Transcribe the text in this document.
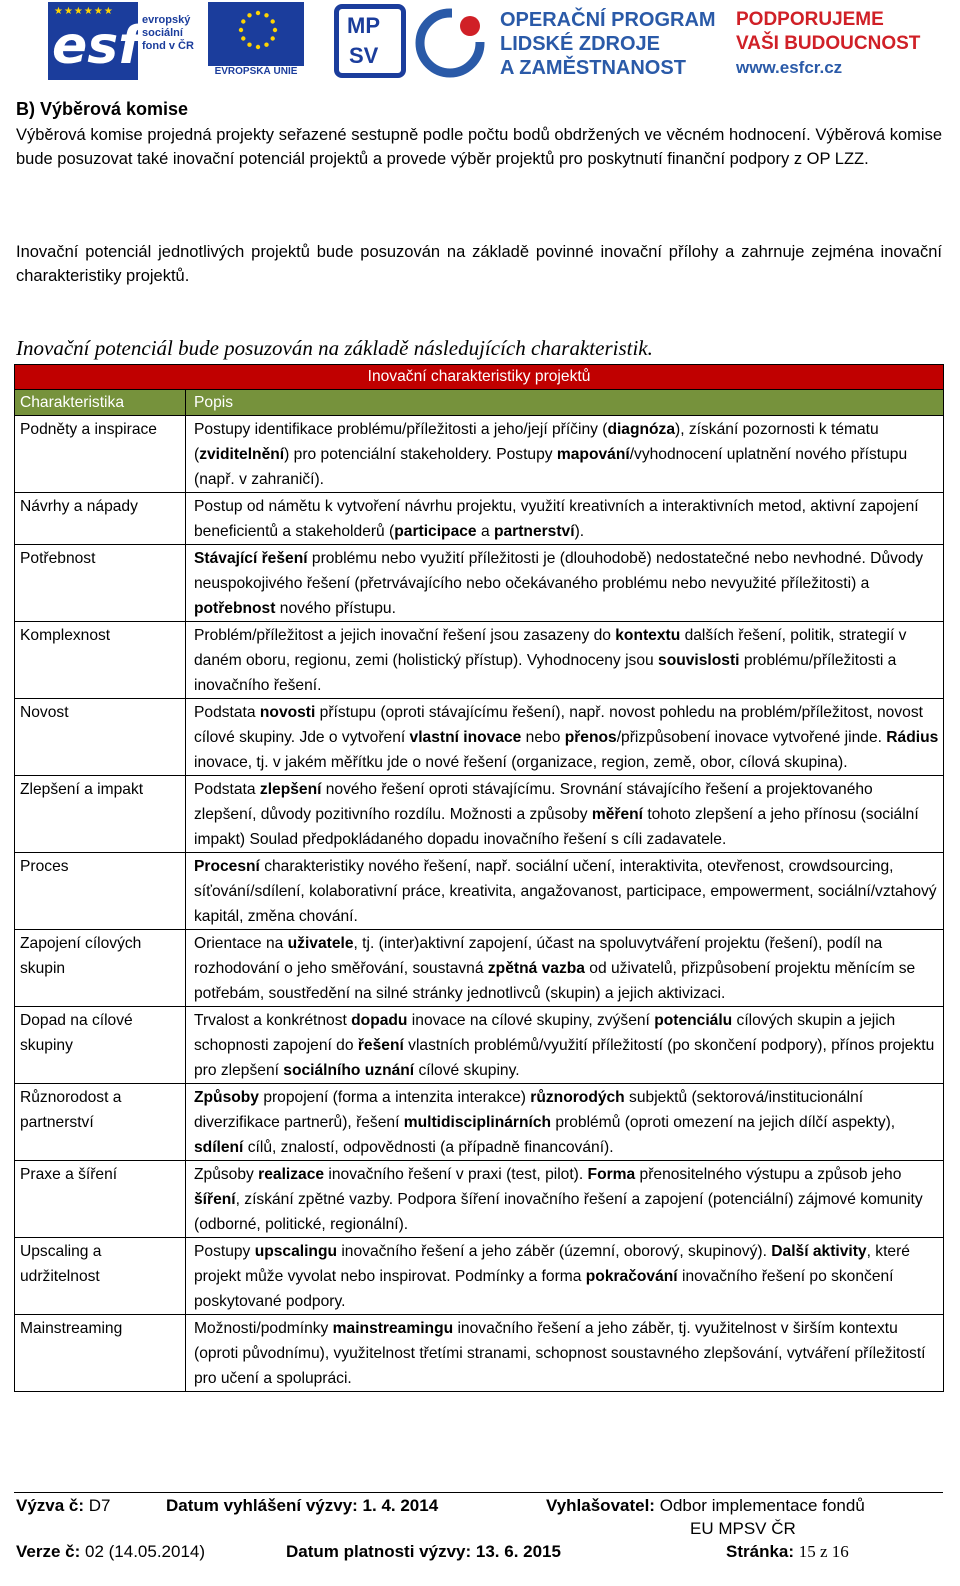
★★★★★★
esf evropský
sociální
fond v ČR
EVROPSKÁ UNIE
MP
SV
OPERAČNÍ PROGRAM
LIDSKÉ ZDROJE
A ZAMĚSTNANOST
PODPORUJEME
VAŠI BUDOUCNOST
www.esfcr.cz
B) Výběrová komise
Výběrová komise projedná projekty seřazené sestupně podle počtu bodů obdržených ve věcném hodnocení. Výběrová komise bude posuzovat také inovační potenciál projektů a provede výběr projektů pro poskytnutí finanční podpory z OP LZZ.
Inovační potenciál jednotlivých projektů bude posuzován na základě povinné inovační přílohy a zahrnuje zejména inovační charakteristiky projektů.
Inovační potenciál bude posuzován na základě následujících charakteristik.
Inovační charakteristiky projektů	
Charakteristika	Popis
Podněty a inspirace	Postupy identifikace problému/příležitosti a jeho/její příčiny (diagnóza), získání pozornosti k tématu (zviditelnění) pro potenciální stakeholdery. Postupy mapování/vyhodnocení uplatnění nového přístupu (např. v zahraničí).
Návrhy a nápady	Postup od námětu k vytvoření návrhu projektu, využití kreativních a interaktivních metod, aktivní zapojení beneficientů a stakeholderů (participace a partnerství).
Potřebnost	Stávající řešení problému nebo využití příležitosti je (dlouhodobě) nedostatečné nebo nevhodné. Důvody neuspokojivého řešení (přetrvávajícího nebo očekávaného problému nebo nevyužité příležitosti) a potřebnost nového přístupu.
Komplexnost	Problém/příležitost a jejich inovační řešení jsou zasazeny do kontextu dalších řešení, politik, strategií v daném oboru, regionu, zemi (holistický přístup). Vyhodnoceny jsou souvislosti problému/příležitosti a inovačního řešení.
Novost	Podstata novosti přístupu (oproti stávajícímu řešení), např. novost pohledu na problém/příležitost, novost cílové skupiny. Jde o vytvoření vlastní inovace nebo přenos/přizpůsobení inovace vytvořené jinde. Rádius inovace, tj. v jakém měřítku jde o nové řešení (organizace, region, země, obor, cílová skupina).
Zlepšení a impakt	Podstata zlepšení nového řešení oproti stávajícímu. Srovnání stávajícího řešení a projektovaného zlepšení, důvody pozitivního rozdílu. Možnosti a způsoby měření tohoto zlepšení a jeho přínosu (sociální impakt) Soulad předpokládaného dopadu inovačního řešení s cíli zadavatele.
Proces	Procesní charakteristiky nového řešení, např. sociální učení, interaktivita, otevřenost, crowdsourcing, síťování/sdílení, kolaborativní práce, kreativita, angažovanost, participace, empowerment, sociální/vztahový kapitál, změna chování.
Zapojení cílových skupin	Orientace na uživatele, tj. (inter)aktivní zapojení, účast na spoluvytváření projektu (řešení), podíl na rozhodování o jeho směřování, soustavná zpětná vazba od uživatelů, přizpůsobení projektu měnícím se potřebám, soustředění na silné stránky jednotlivců (skupin) a jejich aktivizaci.
Dopad na cílové skupiny	Trvalost a konkrétnost dopadu inovace na cílové skupiny, zvýšení potenciálu cílových skupin a jejich schopnosti zapojení do řešení vlastních problémů/využití příležitostí (po skončení podpory), přínos projektu pro zlepšení sociálního uznání cílové skupiny.
Různorodost a partnerství	Způsoby propojení (forma a intenzita interakce) různorodých subjektů (sektorová/institucionální diverzifikace partnerů), řešení multidisciplinárních problémů (oproti omezení na jejich dílčí aspekty), sdílení cílů, znalostí, odpovědnosti (a případně financování).
Praxe a šíření	Způsoby realizace inovačního řešení v praxi (test, pilot). Forma přenositelného výstupu a způsob jeho šíření, získání zpětné vazby. Podpora šíření inovačního řešení a zapojení (potenciální) zájmové komunity (odborné, politické, regionální).
Upscaling a udržitelnost	Postupy upscalingu inovačního řešení a jeho záběr (územní, oborový, skupinový). Další aktivity, které projekt může vyvolat nebo inspirovat. Podmínky a forma pokračování inovačního řešení po skončení poskytované podpory.
Mainstreaming	Možnosti/podmínky mainstreamingu inovačního řešení a jeho záběr, tj. využitelnost v širším kontextu (oproti původnímu), využitelnost třetími stranami, schopnost soustavného zlepšování, vytváření příležitostí pro učení a spolupráci.
Výzva č: D7	Datum vyhlášení výzvy: 1. 4. 2014	Vyhlašovatel: Odbor implementace fondů
EU MPSV ČR
Verze č: 02 (14.05.2014)	Datum platnosti výzvy: 13. 6. 2015	Stránka: 15 z 16
